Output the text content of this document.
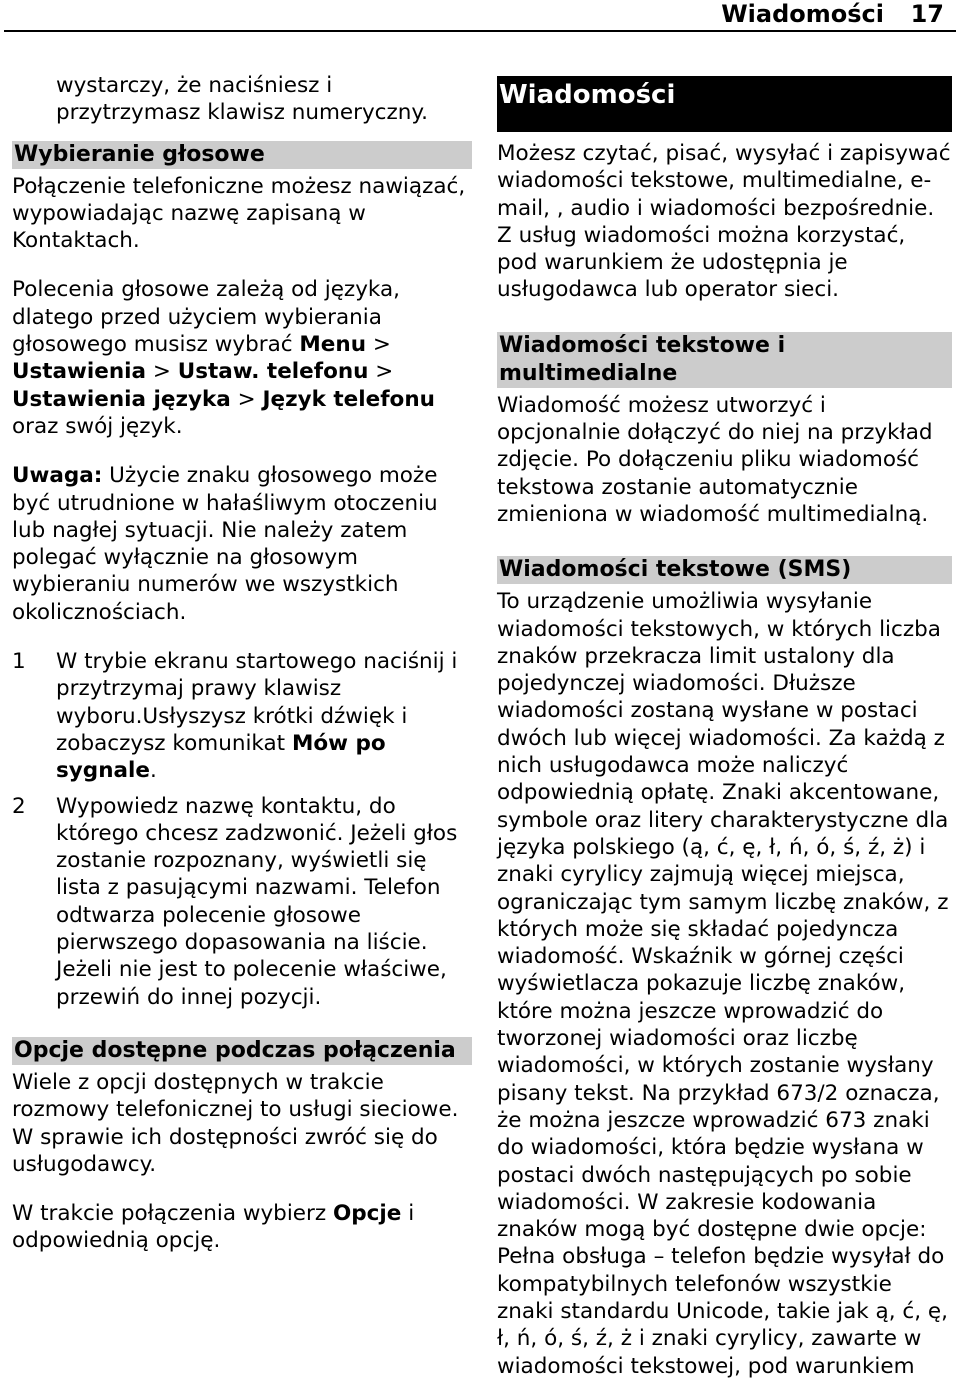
Wiadomości 17

wystarczy, że naciśniesz i przytrzymasz klawisz numeryczny.

Wybieranie głosowe

Połączenie telefoniczne możesz nawiązać, wypowiadając nazwę zapisaną w Kontaktach.

Polecenia głosowe zależą od języka, dlatego przed użyciem wybierania głosowego musisz wybrać Menu > Ustawienia > Ustaw. telefonu > Ustawienia języka > Język telefonu oraz swój język.

Uwaga: Użycie znaku głosowego może być utrudnione w hałaśliwym otoczeniu lub nagłej sytuacji. Nie należy zatem polegać wyłącznie na głosowym wybieraniu numerów we wszystkich okolicznościach.

1	W trybie ekranu startowego naciśnij i przytrzymaj prawy klawisz wyboru.Usłyszysz krótki dźwięk i zobaczysz komunikat Mów po sygnale.
2	Wypowiedz nazwę kontaktu, do którego chcesz zadzwonić. Jeżeli głos zostanie rozpoznany, wyświetli się lista z pasującymi nazwami. Telefon odtwarza polecenie głosowe pierwszego dopasowania na liście. Jeżeli nie jest to polecenie właściwe, przewiń do innej pozycji.
Opcje dostępne podczas połączenia

Wiele z opcji dostępnych w trakcie rozmowy telefonicznej to usługi sieciowe. W sprawie ich dostępności zwróć się do usługodawcy.

W trakcie połączenia wybierz Opcje i odpowiednią opcję.

Wiadomości

Możesz czytać, pisać, wysyłać i zapisywać wiadomości tekstowe, multimedialne, e-mail, , audio i wiadomości bezpośrednie. Z usług wiadomości można korzystać, pod warunkiem że udostępnia je usługodawca lub operator sieci.

Wiadomości tekstowe i multimedialne

Wiadomość możesz utworzyć i opcjonalnie dołączyć do niej na przykład zdjęcie. Po dołączeniu pliku wiadomość tekstowa zostanie automatycznie zmieniona w wiadomość multimedialną.

Wiadomości tekstowe (SMS)

To urządzenie umożliwia wysyłanie wiadomości tekstowych, w których liczba znaków przekracza limit ustalony dla pojedynczej wiadomości. Dłuższe wiadomości zostaną wysłane w postaci dwóch lub więcej wiadomości. Za każdą z nich usługodawca może naliczyć odpowiednią opłatę. Znaki akcentowane, symbole oraz litery charakterystyczne dla języka polskiego (ą, ć, ę, ł, ń, ó, ś, ź, ż) i znaki cyrylicy zajmują więcej miejsca, ograniczając tym samym liczbę znaków, z których może się składać pojedyncza wiadomość. Wskaźnik w górnej części wyświetlacza pokazuje liczbę znaków, które można jeszcze wprowadzić do tworzonej wiadomości oraz liczbę wiadomości, w których zostanie wysłany pisany tekst. Na przykład 673/2 oznacza, że można jeszcze wprowadzić 673 znaki do wiadomości, która będzie wysłana w postaci dwóch następujących po sobie wiadomości. W zakresie kodowania znaków mogą być dostępne dwie opcje: Pełna obsługa – telefon będzie wysyłał do kompatybilnych telefonów wszystkie znaki standardu Unicode, takie jak ą, ć, ę, ł, ń, ó, ś, ź, ż i znaki cyrylicy, zawarte w wiadomości tekstowej, pod warunkiem
